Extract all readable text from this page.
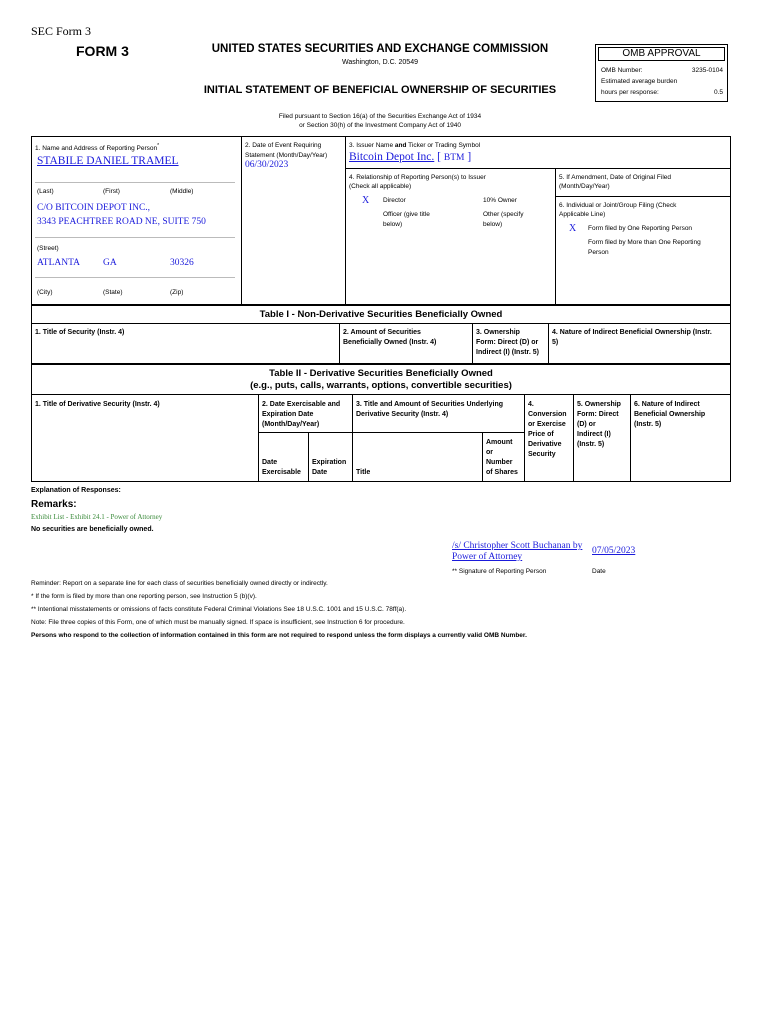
SEC Form 3
FORM 3	UNITED STATES SECURITIES AND EXCHANGE COMMISSION
Washington, D.C. 20549
INITIAL STATEMENT OF BENEFICIAL OWNERSHIP OF SECURITIES
OMB APPROVAL
OMB Number:	3235-0104
Estimated average burden
hours per response:	0.5
Filed pursuant to Section 16(a) of the Securities Exchange Act of 1934
or Section 30(h) of the Investment Company Act of 1940
1. Name and Address of Reporting Person*
STABILE DANIEL TRAMEL
(Last)	(First)	(Middle)
C/O BITCOIN DEPOT INC.,
3343 PEACHTREE ROAD NE, SUITE 750
(Street)
ATLANTA GA	30326
(City)	(State)	(Zip)
2. Date of Event Requiring Statement (Month/Day/Year)
06/30/2023
3. Issuer Name and Ticker or Trading Symbol
Bitcoin Depot Inc. [ BTM ]
4. Relationship of Reporting Person(s) to Issuer
(Check all applicable)
X Director	10% Owner
Officer (give title
below)
Other (specify
below)
5. If Amendment, Date of Original Filed
(Month/Day/Year)
6. Individual or Joint/Group Filing (Check
Applicable Line)
X Form filed by One Reporting Person
Form filed by More than One Reporting
Person
Table I - Non-Derivative Securities Beneficially Owned
1. Title of Security (Instr. 4)	2. Amount of Securities
Beneficially Owned (Instr. 4)
3. Ownership
Form: Direct (D) or
Indirect (I) (Instr. 5)
4. Nature of Indirect Beneficial Ownership (Instr.
5)
Table II - Derivative Securities Beneficially Owned
(e.g., puts, calls, warrants, options, convertible securities)
1. Title of Derivative Security (Instr. 4)	2. Date Exercisable and
Expiration Date
(Month/Day/Year)
Date
Exercisable
Expiration
Date
3. Title and Amount of Securities Underlying
Derivative Security (Instr. 4)
Title
Amount
or
Number
of Shares
4.
Conversion
or Exercise
Price of
Derivative
Security
5. Ownership
Form: Direct
(D) or
Indirect (I)
(Instr. 5)
6. Nature of Indirect
Beneficial Ownership
(Instr. 5)
Explanation of Responses:
Remarks:
Exhibit List - Exhibit 24.1 - Power of Attorney
No securities are beneficially owned.
/s/ Christopher Scott Buchanan by
Power of Attorney
07/05/2023
** Signature of Reporting Person	Date
Reminder: Report on a separate line for each class of securities beneficially owned directly or indirectly.
* If the form is filed by more than one reporting person, see Instruction 5 (b)(v).
** Intentional misstatements or omissions of facts constitute Federal Criminal Violations See 18 U.S.C. 1001 and 15 U.S.C. 78ff(a).
Note: File three copies of this Form, one of which must be manually signed. If space is insufficient, see Instruction 6 for procedure.
Persons who respond to the collection of information contained in this form are not required to respond unless the form displays a currently valid OMB Number.
